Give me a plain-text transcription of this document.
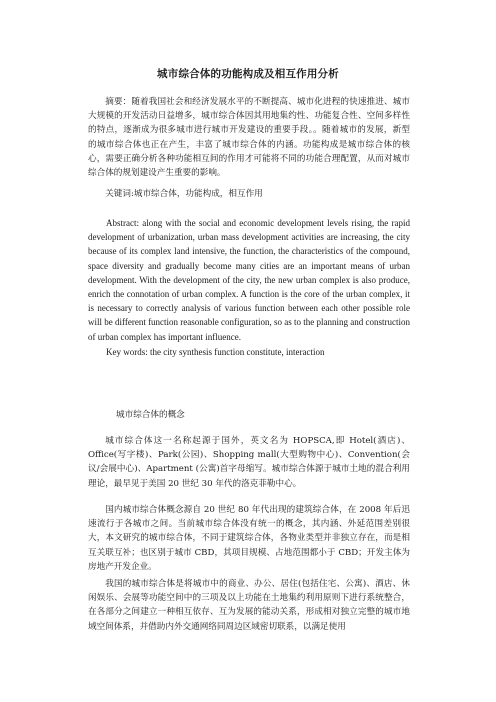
城市综合体的功能构成及相互作用分析

摘要：随着我国社会和经济发展水平的不断提高、城市化进程的快速推进、城市大规模的开发活动日益增多，城市综合体因其用地集约性、功能复合性、空间多样性的特点，逐渐成为很多城市进行城市开发建设的重要手段。。随着城市的发展，新型的城市综合体也正在产生，丰富了城市综合体的内涵。功能构成是城市综合体的核心，需要正确分析各种功能相互间的作用才可能将不同的功能合理配置，从而对城市综合体的规划建设产生重要的影响。

关键词:城市综合体，功能构成，相互作用

Abstract: along with the social and economic development levels rising, the rapid development of urbanization, urban mass development activities are increasing, the city because of its complex land intensive, the function, the characteristics of the compound, space diversity and gradually become many cities are an important means of urban development. With the development of the city, the new urban complex is also produce, enrich the connotation of urban complex. A function is the core of the urban complex, it is necessary to correctly analysis of various function between each other possible role will be different function reasonable configuration, so as to the planning and construction of urban complex has important influence.

Key words: the city synthesis function constitute, interaction

城市综合体的概念

城市综合体这一名称起源于国外，英文名为 HOPSCA,即 Hotel(酒店)、Office(写字楼)、Park(公园)、Shopping mall(大型购物中心)、Convention(会议/会展中心)、Apartment (公寓)首字母缩写。城市综合体源于城市土地的混合利用理论，最早见于美国 20 世纪 30 年代的洛克菲勒中心。

国内城市综合体概念源自 20 世纪 80 年代出现的建筑综合体，在 2008 年后迅速流行于各城市之间。当前城市综合体没有统一的概念，其内涵、外延范围差别很大，本文研究的城市综合体，不同于建筑综合体，各物业类型并非独立存在，而是相互关联互补；也区别于城市 CBD，其项目规模、占地范围都小于 CBD；开发主体为房地产开发企业。

我国的城市综合体是将城市中的商业、办公、居住(包括住宅、公寓)、酒店、休闲娱乐、会展等功能空间中的三项及以上功能在土地集约利用原则下进行系统整合，在各部分之间建立一种相互依存、互为发展的能动关系，形成相对独立完整的城市地域空间体系，并借助内外交通网络同周边区域密切联系，以满足使用
